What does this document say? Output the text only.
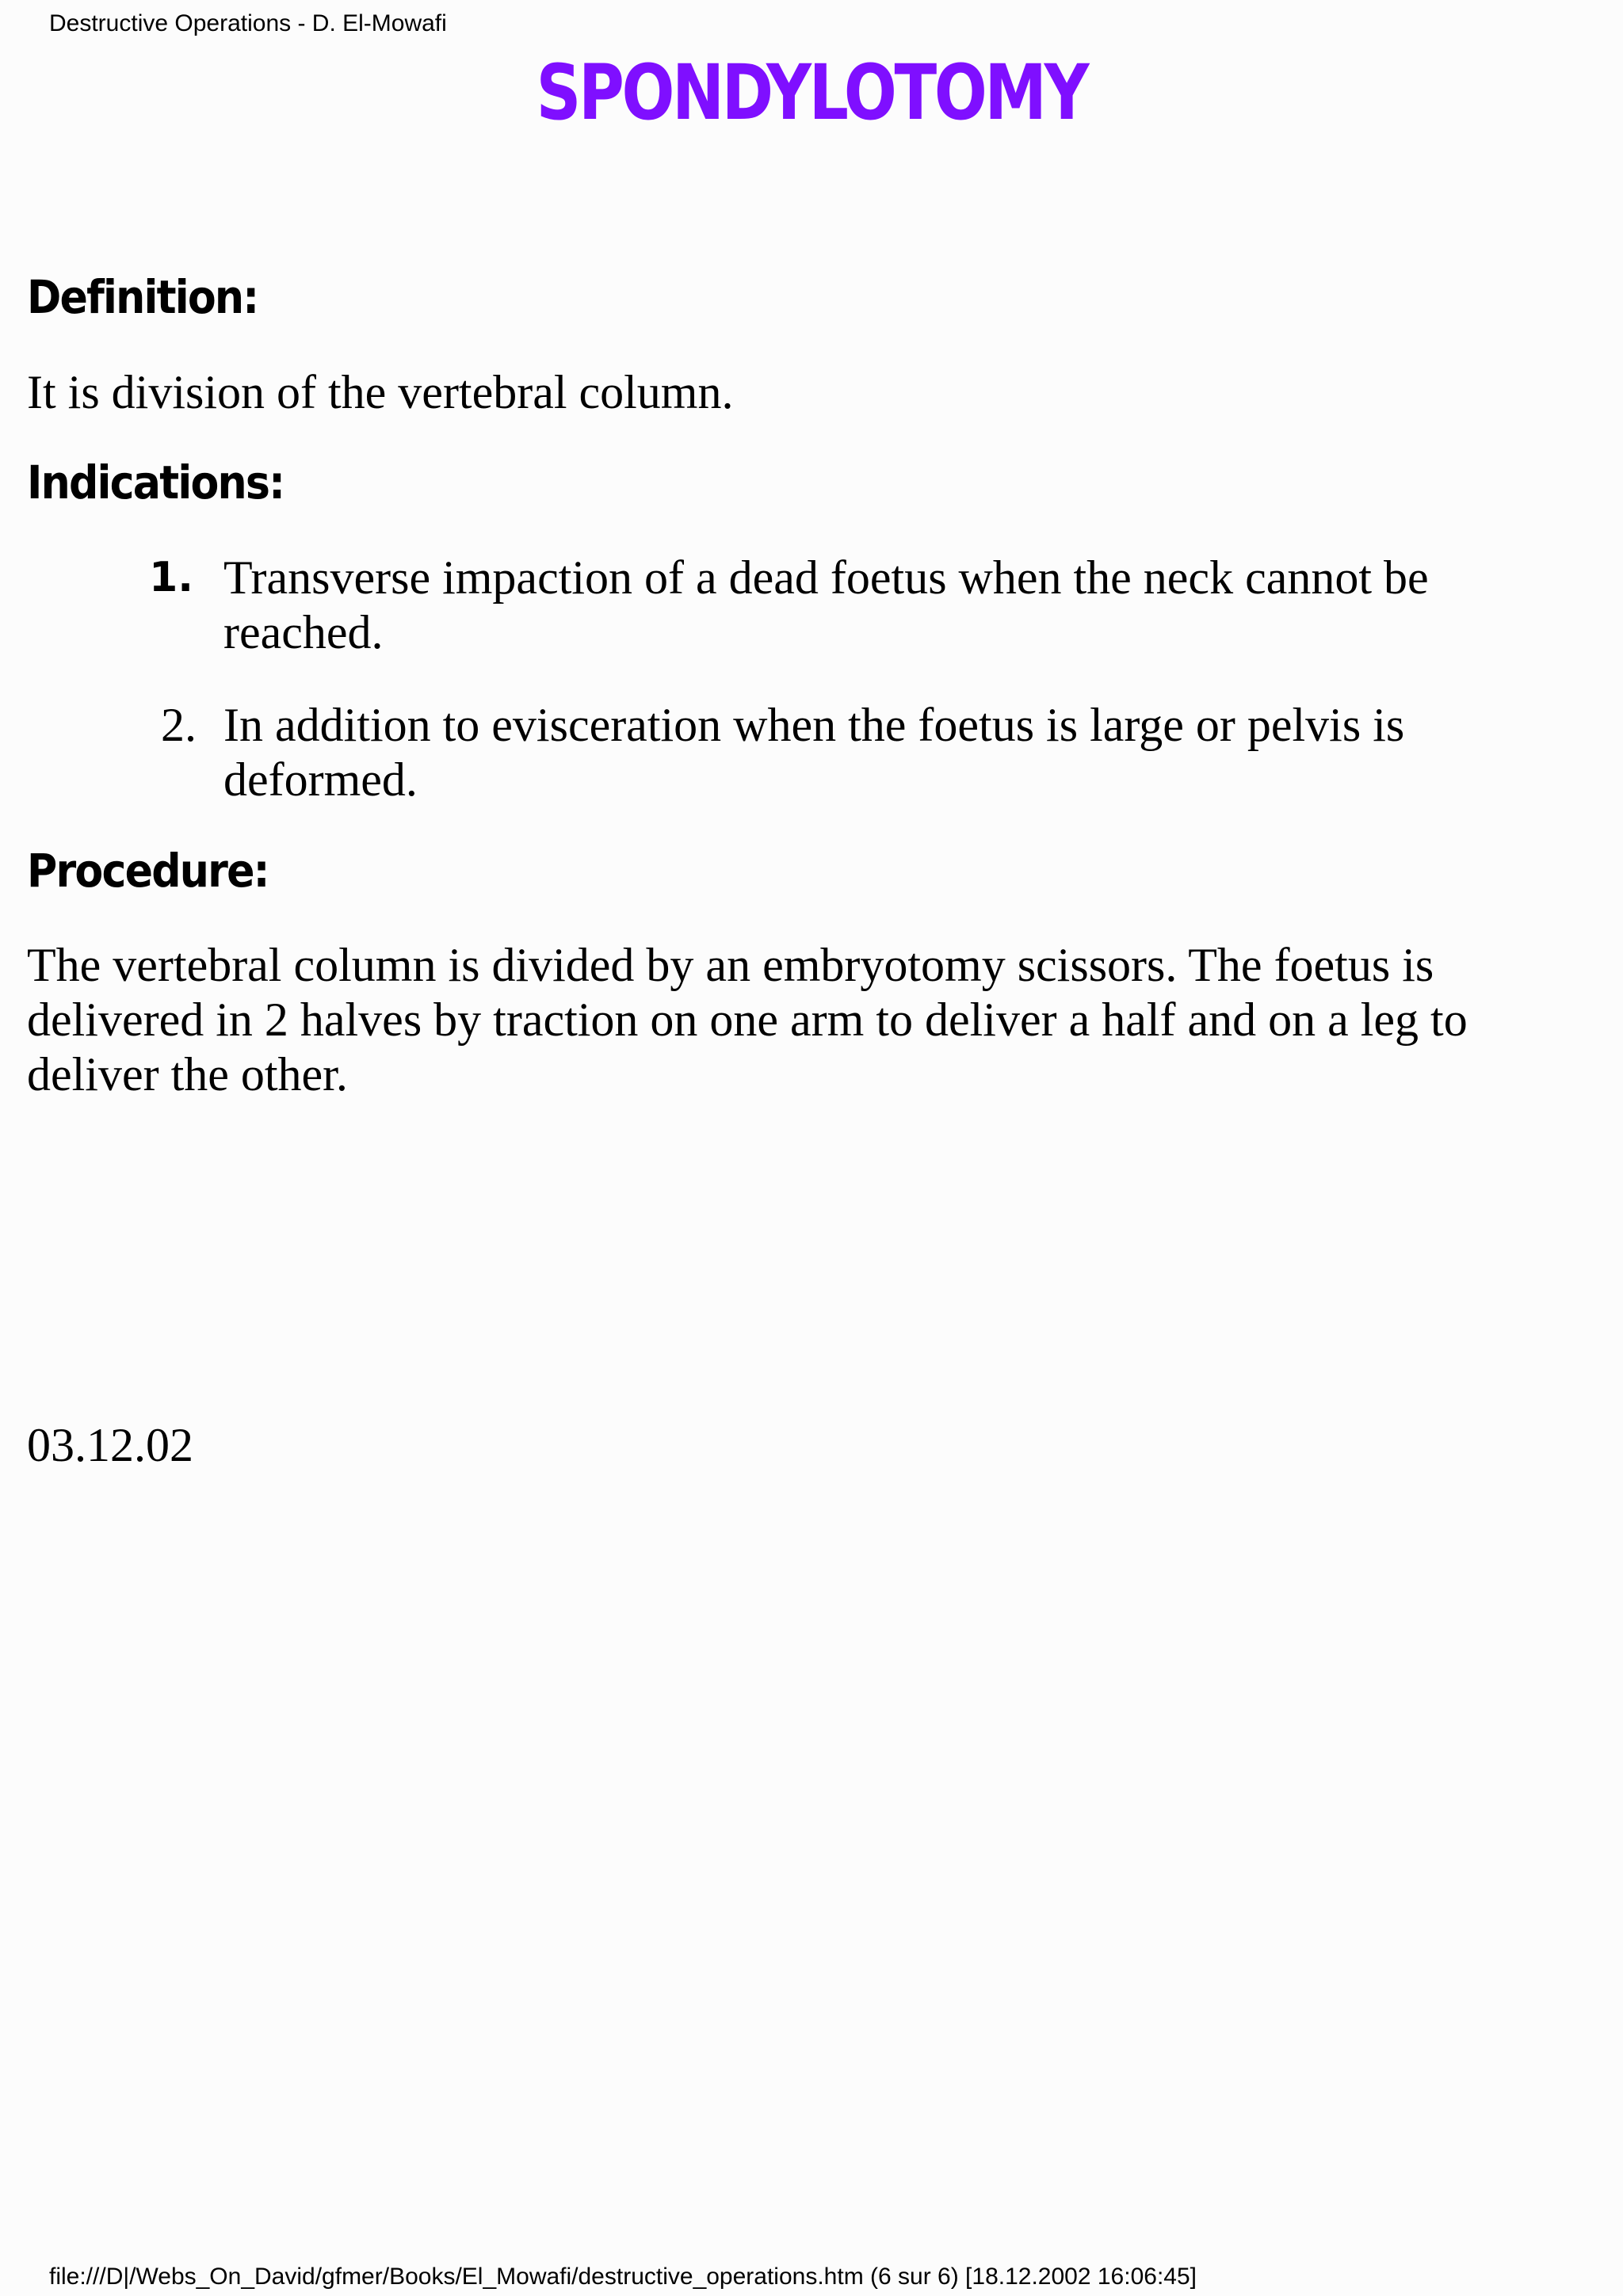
Destructive Operations - D. El-Mowafi
SPONDYLOTOMY
Definition:

It is division of the vertebral column.

Indications:
1. Transverse impaction of a dead foetus when the neck cannot be
reached.

2. In addition to evisceration when the foetus is large or pelvis is
deformed.

Procedure:

The vertebral column is divided by an embryotomy scissors. The foetus is
delivered in 2 halves by traction on one arm to deliver a half and on a leg to
deliver the other.

03.12.02

file:///D|/Webs_On_David/gfmer/Books/El_Mowafi/destructive_operations.htm (6 sur 6) [18.12.2002 16:06:45]
